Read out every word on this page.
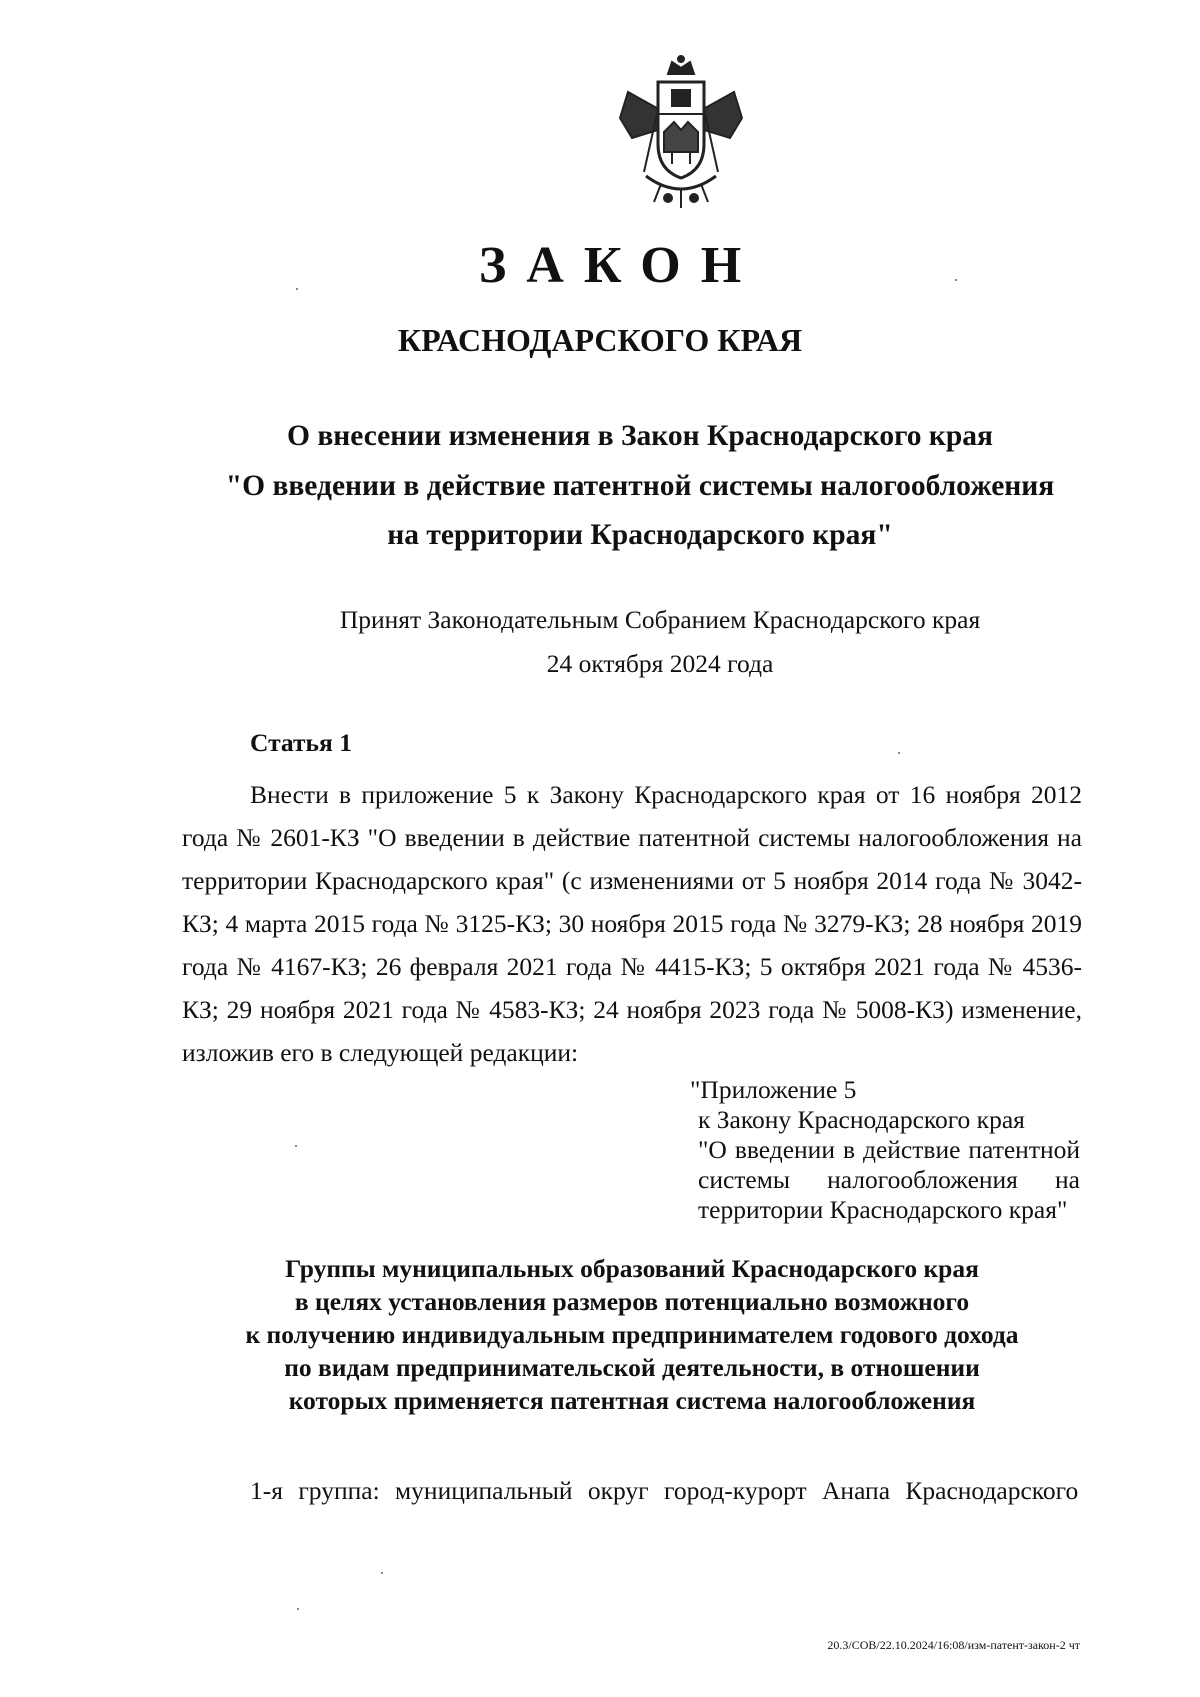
ЗАКОН
КРАСНОДАРСКОГО КРАЯ
О внесении изменения в Закон Краснодарского края
"О введении в действие патентной системы налогообложения
на территории Краснодарского края"
Принят Законодательным Собранием Краснодарского края
24 октября 2024 года

Статья 1

Внести в приложение 5 к Закону Краснодарского края от 16 ноября 2012 года № 2601-КЗ "О введении в действие патентной системы налогообложения на территории Краснодарского края" (с изменениями от 5 ноября 2014 года № 3042-КЗ; 4 марта 2015 года № 3125-КЗ; 30 ноября 2015 года № 3279-КЗ; 28 ноября 2019 года № 4167-КЗ; 26 февраля 2021 года № 4415-КЗ; 5 октября 2021 года № 4536-КЗ; 29 ноября 2021 года № 4583-КЗ; 24 ноября 2023 года № 5008-КЗ) изменение, изложив его в следующей редакции:

"Приложение 5
к Закону Краснодарского края
"О введении в действие патентной системы налогообложения на территории Краснодарского края"
Группы муниципальных образований Краснодарского края
в целях установления размеров потенциально возможного
к получению индивидуальным предпринимателем годового дохода
по видам предпринимательской деятельности, в отношении
которых применяется патентная система налогообложения

1-я группа: муниципальный округ город-курорт Анапа Краснодарского

20.3/СОВ/22.10.2024/16:08/изм-патент-закон-2 чт
